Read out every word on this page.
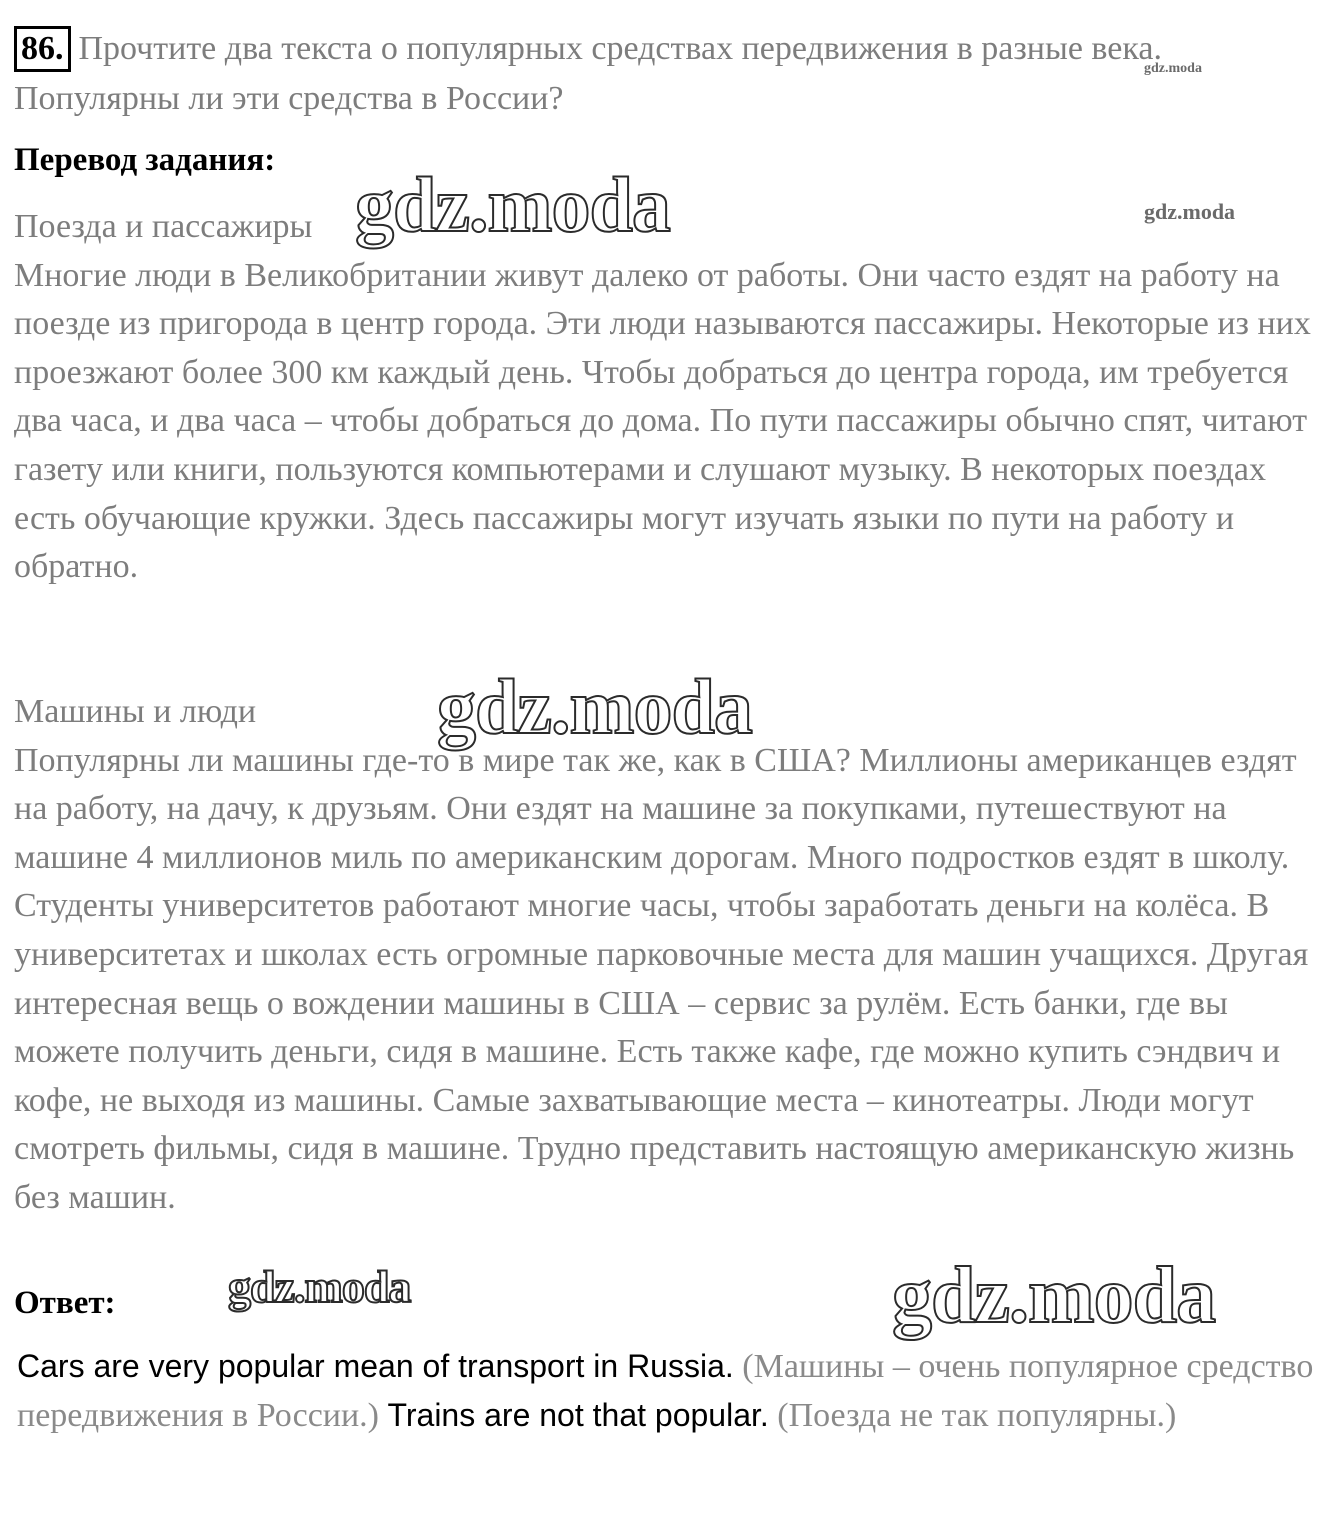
86. Прочтите два текста о популярных средствах передвижения в разные века. Популярны ли эти средства в России?
Перевод задания:

Поезда и пассажиры

Многие люди в Великобритании живут далеко от работы. Они часто ездят на работу на поезде из пригорода в центр города. Эти люди называются пассажиры. Некоторые из них проезжают более 300 км каждый день. Чтобы добраться до центра города, им требуется два часа, и два часа – чтобы добраться до дома. По пути пассажиры обычно спят, читают газету или книги, пользуются компьютерами и слушают музыку. В некоторых поездах есть обучающие кружки. Здесь пассажиры могут изучать языки по пути на работу и обратно.

Машины и люди

Популярны ли машины где-то в мире так же, как в США? Миллионы американцев ездят на работу, на дачу, к друзьям. Они ездят на машине за покупками, путешествуют на машине 4 миллионов миль по американским дорогам. Много подростков ездят в школу. Студенты университетов работают многие часы, чтобы заработать деньги на колёса. В университетах и школах есть огромные парковочные места для машин учащихся. Другая интересная вещь о вождении машины в США – сервис за рулём. Есть банки, где вы можете получить деньги, сидя в машине. Есть также кафе, где можно купить сэндвич и кофе, не выходя из машины. Самые захватывающие места – кинотеатры. Люди могут смотреть фильмы, сидя в машине. Трудно представить настоящую американскую жизнь без машин.

Ответ:
Cars are very popular mean of transport in Russia. (Машины – очень популярное средство передвижения в России.) Trains are not that popular. (Поезда не так популярны.)
gdz.moda
gdz.moda	gdz.moda
gdz.moda
gdz.moda	gdz.moda
